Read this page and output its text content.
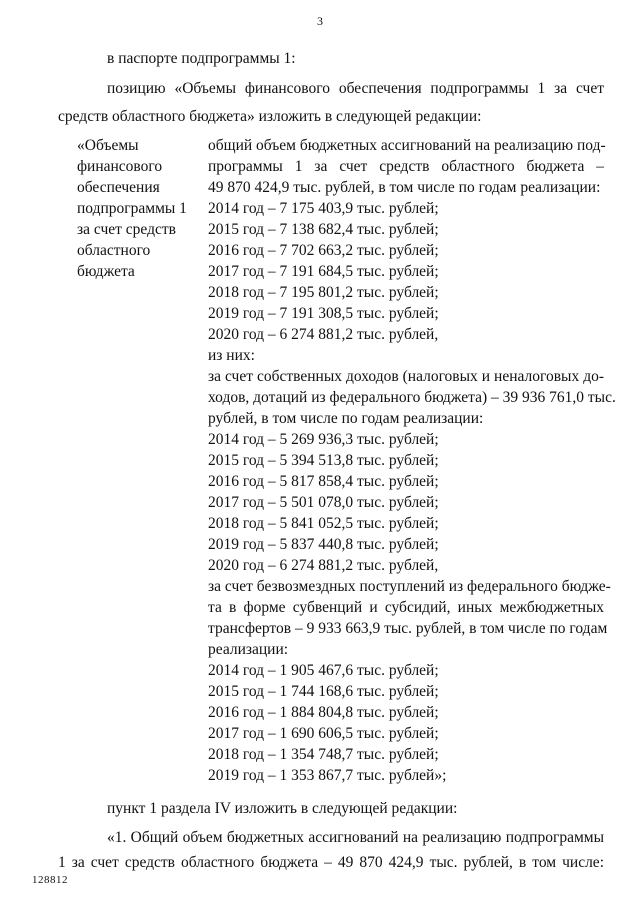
3
в паспорте подпрограммы 1:
позицию «Объемы финансового обеспечения подпрограммы 1 за счет
средств областного бюджета» изложить в следующей редакции:
«Объемы
финансового
обеспечения
подпрограммы 1
за счет средств
областного
бюджета
общий объем бюджетных ассигнований на реализацию под-
программы 1 за счет средств областного бюджета –
49 870 424,9 тыс. рублей, в том числе по годам реализации:
2014 год – 7 175 403,9 тыс. рублей;
2015 год – 7 138 682,4 тыс. рублей;
2016 год – 7 702 663,2 тыс. рублей;
2017 год – 7 191 684,5 тыс. рублей;
2018 год – 7 195 801,2 тыс. рублей;
2019 год – 7 191 308,5 тыс. рублей;
2020 год – 6 274 881,2 тыс. рублей,
из них:
за счет собственных доходов (налоговых и неналоговых до-
ходов, дотаций из федерального бюджета) – 39 936 761,0 тыс.
рублей, в том числе по годам реализации:
2014 год – 5 269 936,3 тыс. рублей;
2015 год – 5 394 513,8 тыс. рублей;
2016 год – 5 817 858,4 тыс. рублей;
2017 год – 5 501 078,0 тыс. рублей;
2018 год – 5 841 052,5 тыс. рублей;
2019 год – 5 837 440,8 тыс. рублей;
2020 год – 6 274 881,2 тыс. рублей,
за счет безвозмездных поступлений из федерального бюдже-
та в форме субвенций и субсидий, иных межбюджетных
трансфертов – 9 933 663,9 тыс. рублей, в том числе по годам
реализации:
2014 год – 1 905 467,6 тыс. рублей;
2015 год – 1 744 168,6 тыс. рублей;
2016 год – 1 884 804,8 тыс. рублей;
2017 год – 1 690 606,5 тыс. рублей;
2018 год – 1 354 748,7 тыс. рублей;
2019 год – 1 353 867,7 тыс. рублей»;
пункт 1 раздела IV изложить в следующей редакции:
«1. Общий объем бюджетных ассигнований на реализацию подпрограммы
1 за счет средств областного бюджета – 49 870 424,9 тыс. рублей, в том числе:
128812
